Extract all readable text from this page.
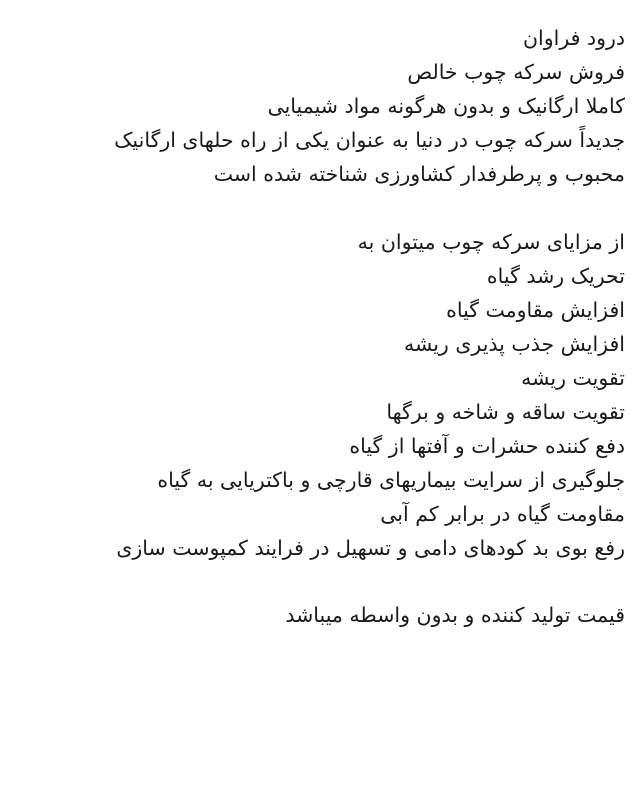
درود فراوان
فروش سرکه چوب خالص
کاملا ارگانیک و بدون هرگونه مواد شیمیایی
جدیداً سرکه چوب در دنیا به عنوان یکی از راه حلهای ارگانیک
محبوب و پرطرفدار کشاورزی شناخته شده است
از مزایای سرکه چوب میتوان به
تحریک رشد گیاه
افزایش مقاومت گیاه
افزایش جذب پذیری ریشه
تقویت ریشه
تقویت ساقه و شاخه و برگها
دفع کننده حشرات و آفتها از گیاه
جلوگیری از سرایت بیماریهای قارچی و باکتریایی به گیاه
مقاومت گیاه در برابر کم آبی
رفع بوی بد کودهای دامی و تسهیل در فرایند کمپوست سازی
قیمت تولید کننده و بدون واسطه میباشد
